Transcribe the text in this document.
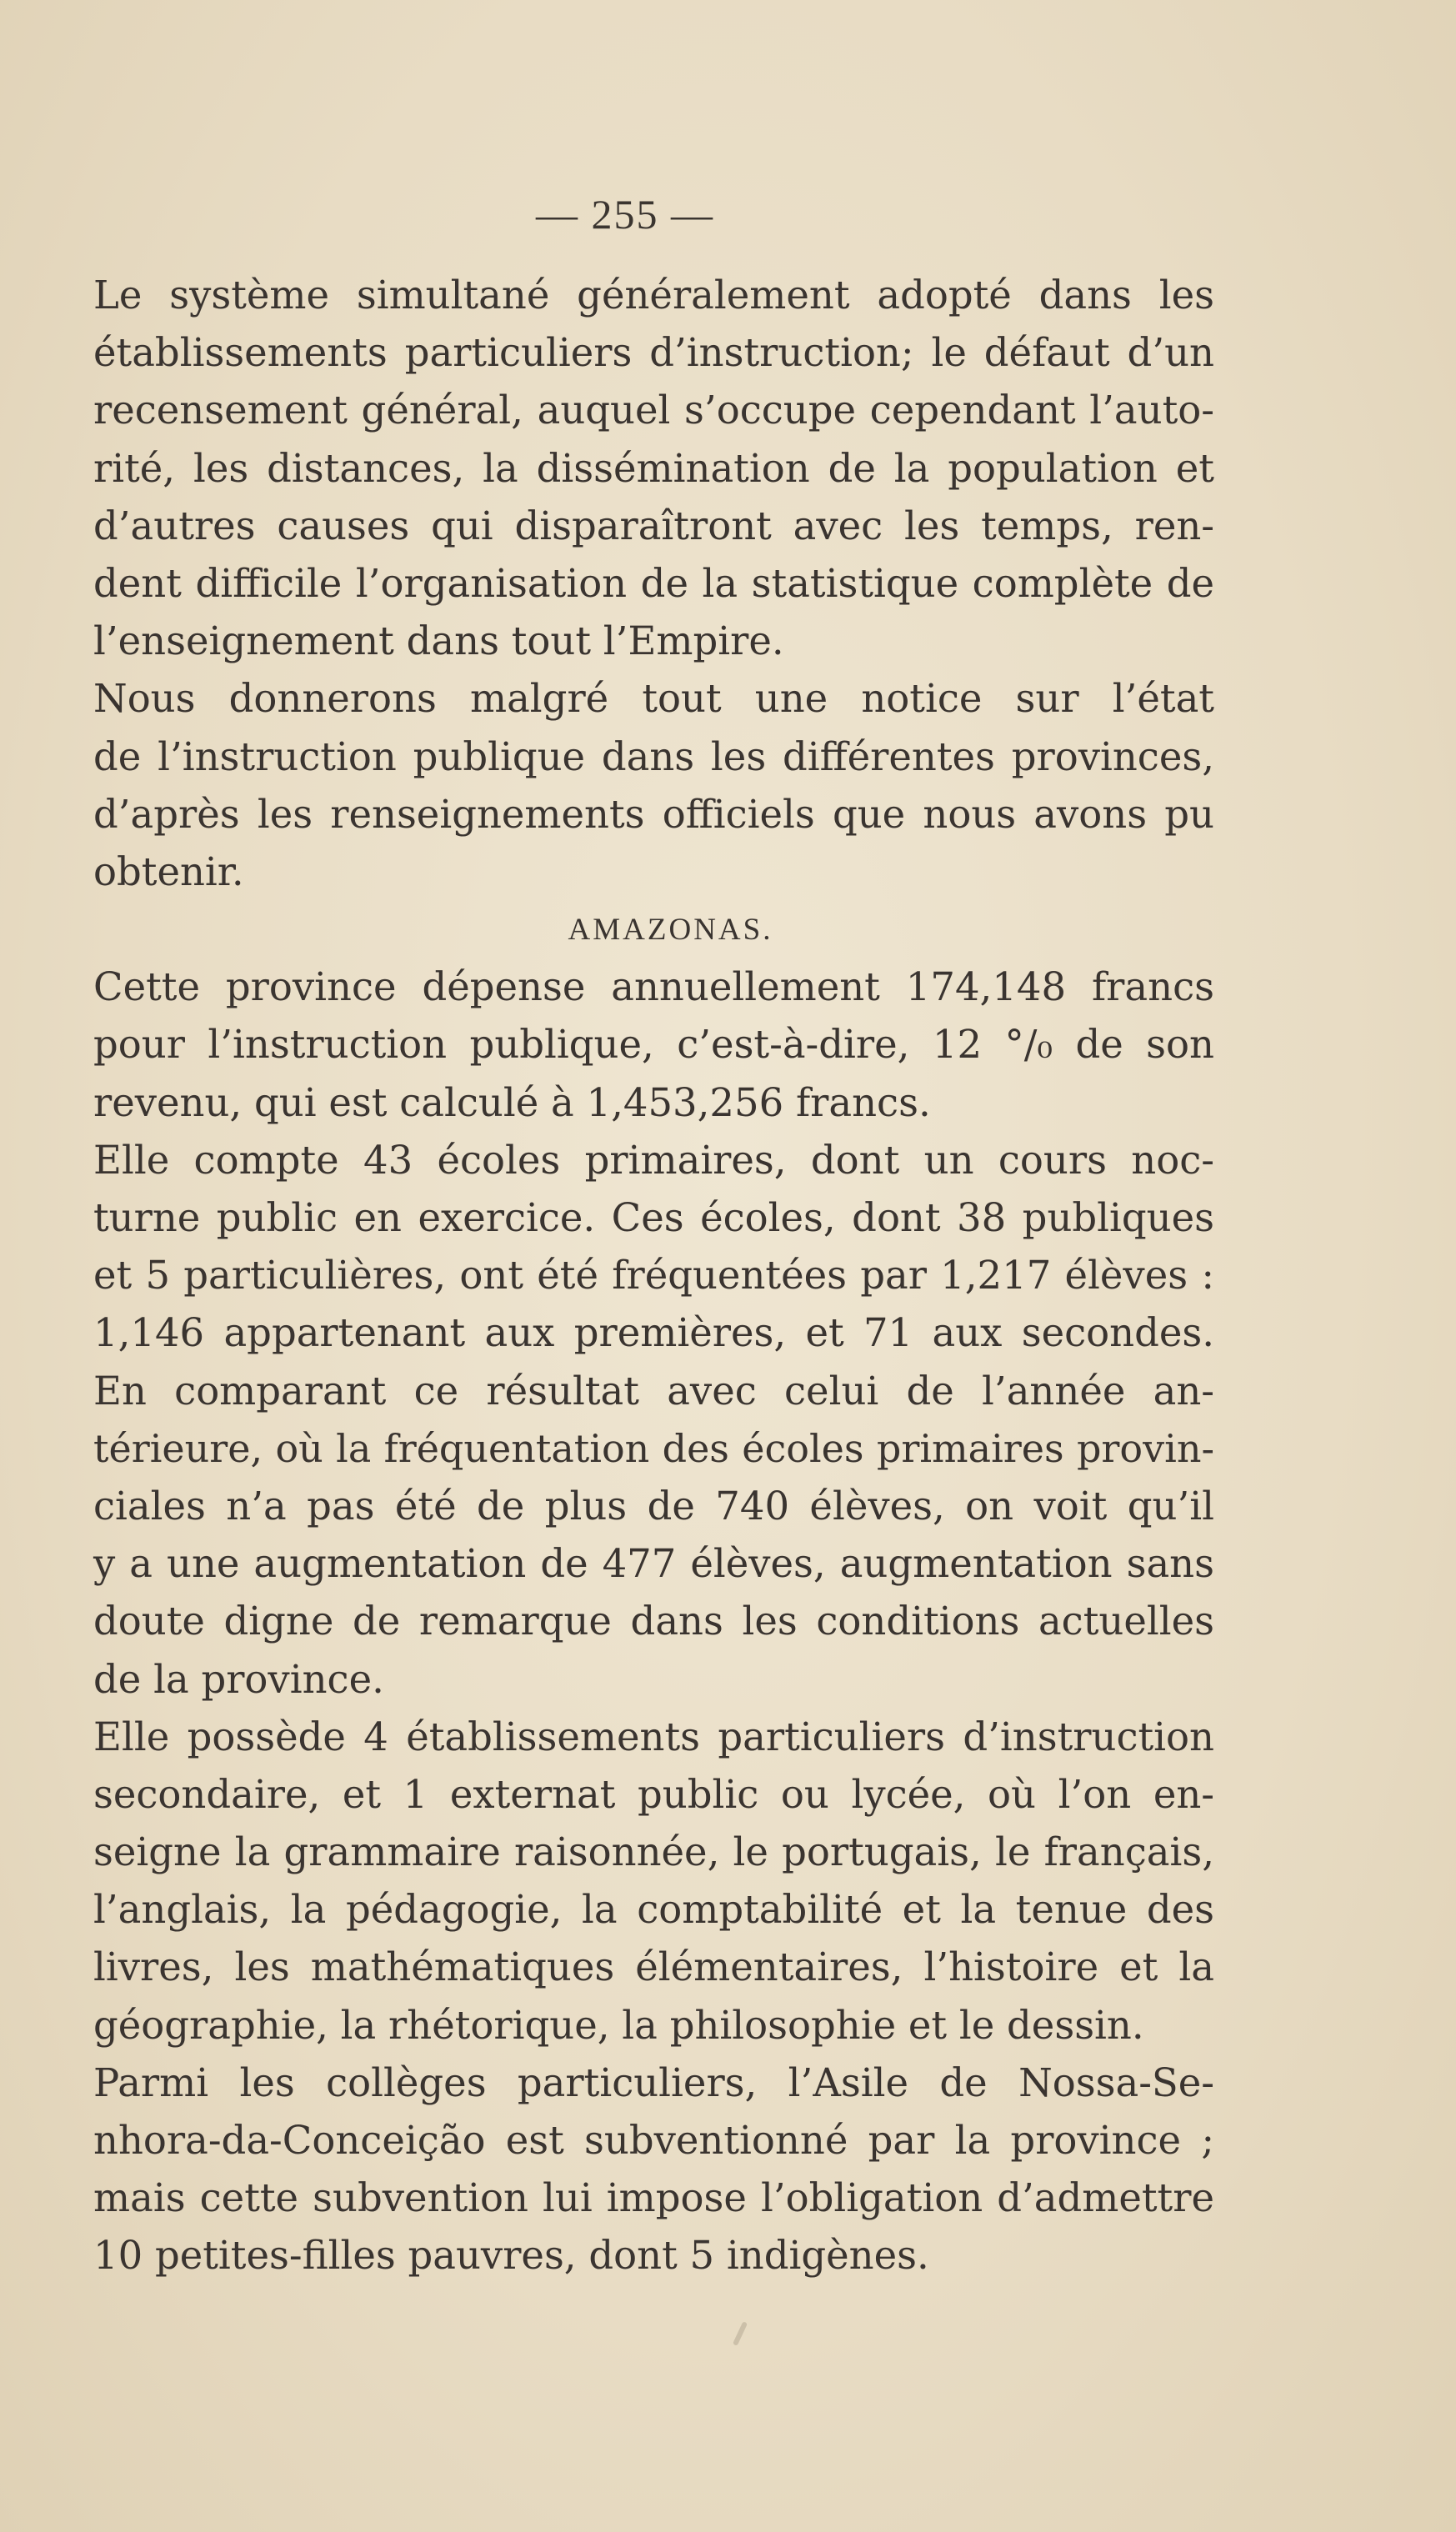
— 255 —
Le système simultané généralement adopté dans les
établissements particuliers d’instruction; le défaut d’un
recensement général, auquel s’occupe cependant l’auto-
rité, les distances, la dissémination de la population et
d’autres causes qui disparaîtront avec les temps, ren-
dent difficile l’organisation de la statistique complète de
l’enseignement dans tout l’Empire.
Nous donnerons malgré tout une notice sur l’état
de l’instruction publique dans les différentes provinces,
d’après les renseignements officiels que nous avons pu
obtenir.
AMAZONAS.
Cette province dépense annuellement 174,148 francs
pour l’instruction publique, c’est-à-dire, 12 °/₀ de son
revenu, qui est calculé à 1,453,256 francs.
Elle compte 43 écoles primaires, dont un cours noc-
turne public en exercice. Ces écoles, dont 38 publiques
et 5 particulières, ont été fréquentées par 1,217 élèves :
1,146 appartenant aux premières, et 71 aux secondes.
En comparant ce résultat avec celui de l’année an-
térieure, où la fréquentation des écoles primaires provin-
ciales n’a pas été de plus de 740 élèves, on voit qu’il
y a une augmentation de 477 élèves, augmentation sans
doute digne de remarque dans les conditions actuelles
de la province.
Elle possède 4 établissements particuliers d’instruction
secondaire, et 1 externat public ou lycée, où l’on en-
seigne la grammaire raisonnée, le portugais, le français,
l’anglais, la pédagogie, la comptabilité et la tenue des
livres, les mathématiques élémentaires, l’histoire et la
géographie, la rhétorique, la philosophie et le dessin.
Parmi les collèges particuliers, l’Asile de Nossa-Se-
nhora-da-Conceição est subventionné par la province ;
mais cette subvention lui impose l’obligation d’admettre
10 petites-filles pauvres, dont 5 indigènes.
